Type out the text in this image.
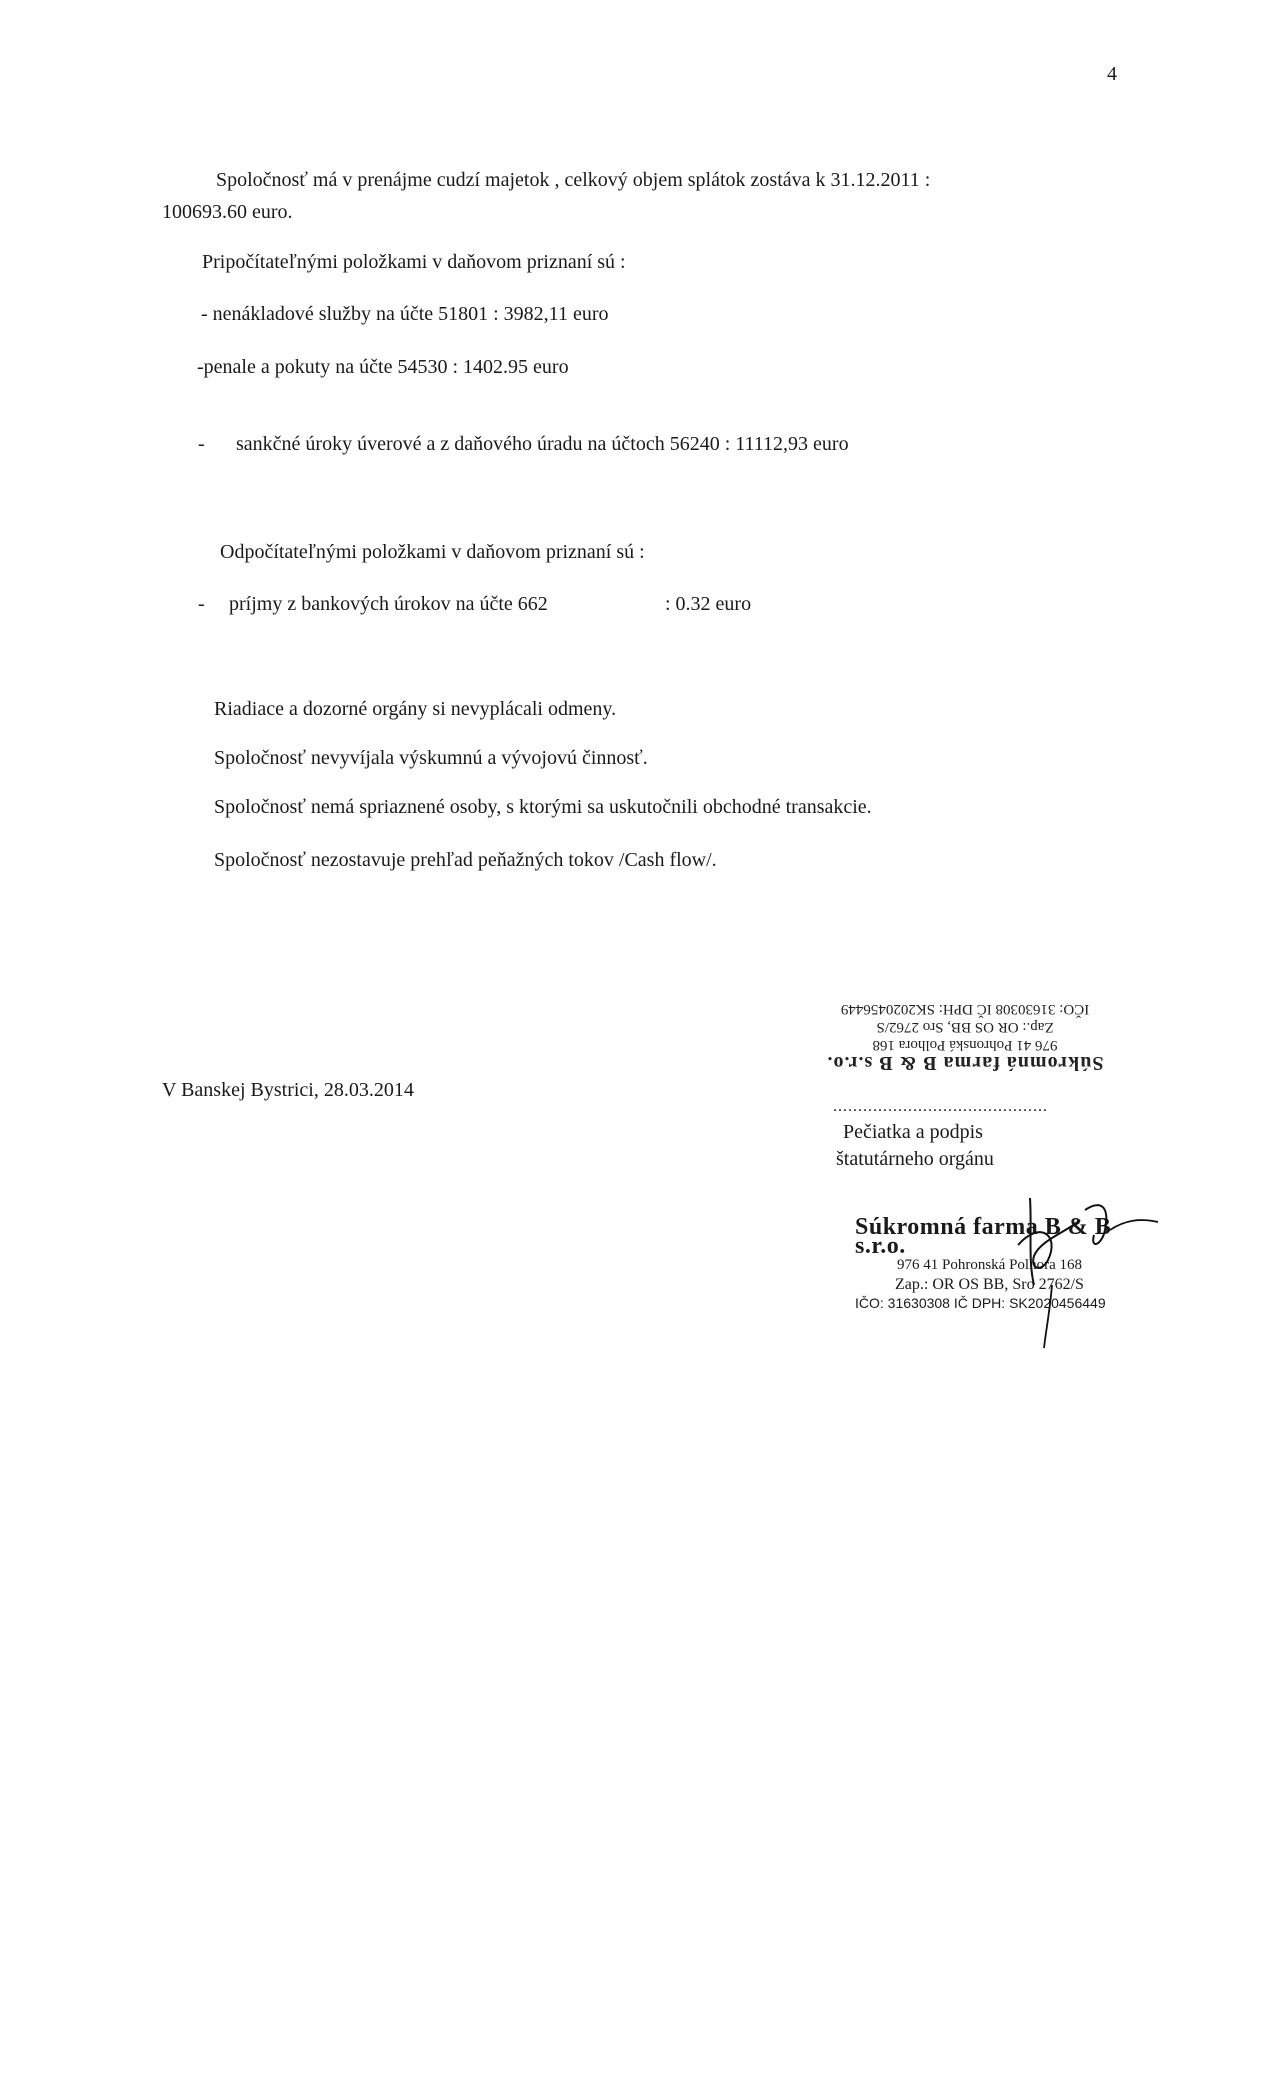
4
Spoločnosť má v prenájme cudzí majetok , celkový objem splátok zostáva k 31.12.2011 :
100693.60 euro.
Pripočítateľnými položkami v daňovom priznaní sú :
- nenákladové služby na účte 51801 : 3982,11 euro
-penale a pokuty na účte 54530 : 1402.95 euro
- sankčné úroky úverové a z daňového úradu na účtoch 56240 : 11112,93 euro
Odpočítateľnými položkami v daňovom priznaní sú :
- príjmy z bankových úrokov na účte 662	: 0.32 euro
Riadiace a dozorné orgány si nevyplácali odmeny.
Spoločnosť nevyvíjala výskumnú a vývojovú činnosť.
Spoločnosť nemá spriaznené osoby, s ktorými sa uskutočnili obchodné transakcie.
Spoločnosť nezostavuje prehľad peňažných tokov /Cash flow/.
V Banskej Bystrici, 28.03.2014
Súkromná farma B & B s.r.o.
976 41 Pohronská Polhora 168
Zap.: OR OS BB, Sro 2762/S
IČO: 31630308 IČ DPH: SK2020456449
...........................................
Pečiatka a podpis
štatutárneho orgánu
Súkromná farma B & B s.r.o.
976 41 Pohronská Polhora 168
Zap.: OR OS BB, Sro 2762/S
IČO: 31630308 IČ DPH: SK2020456449
